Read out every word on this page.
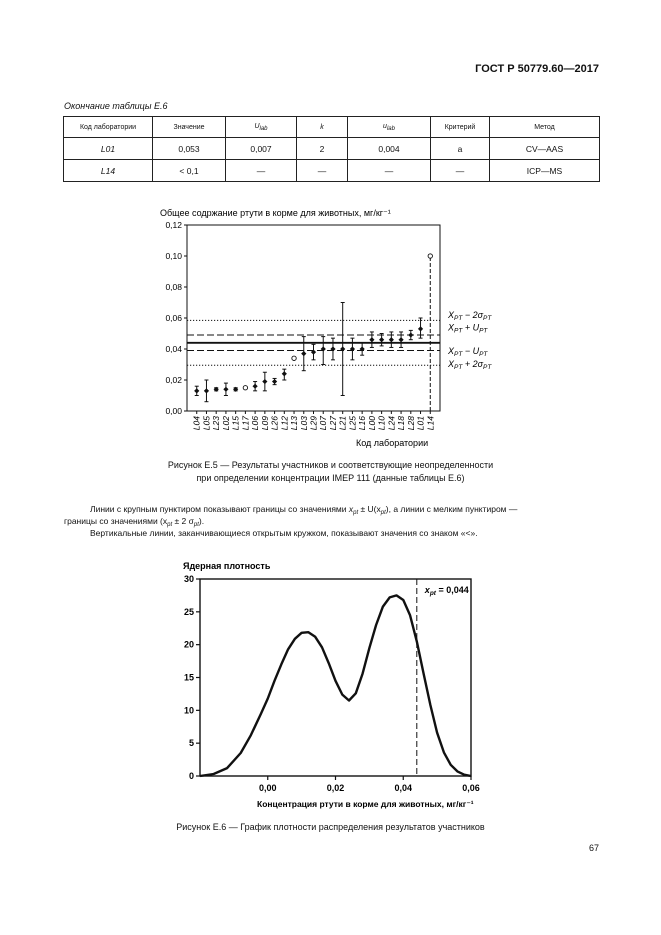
ГОСТ Р 50779.60—2017
Окончание таблицы E.6
Код лаборатории	Значение	Ulab	k	ulab	Критерий	Метод
L01	0,053	0,007	2	0,004	a	CV—AAS
L14	< 0,1	—	—	—	—	ICP—MS
Общее содржание ртути в корме для животных, мг/кг⁻¹
Код лаборатории
0,00
0,02
0,04
0,06
0,08
0,10
0,12
$X_{PT} - 2\sigma_{PT}$
$X_{PT} + U_{PT}$
$X_{PT} - U_{PT}$
$X_{PT} + 2\sigma_{PT}$
L04 L05 L23 L02 L15 L17 L06 L09 L26 L12 L13 L03 L29 L07 L27 L21 L25 L16 L00 L10 L24 L18 L28 L01 L14
Рисунок E.5 — Результаты участников и соответствующие неопределенности
при определении концентрации IMEP 111 (данные таблицы E.6)
Линии с крупным пунктиром показывают границы со значениями $x_{pt} \pm U(x_{pt})$, а линии с мелким пунктиром —
границы со значениями ($x_{pt} \pm 2$ $\sigma_{pt}$).
Вертикальные линии, заканчивающиеся открытым кружком, показывают значения со знаком «<».
Ядерная плотность
Концентрация ртути в корме для животных, мг/кг⁻¹
0
5
10
15
20
25
30
0,00	0,02	0,04	0,06
$x_{pt} = 0,044$
Рисунок E.6 — График плотности распределения результатов участников
67
